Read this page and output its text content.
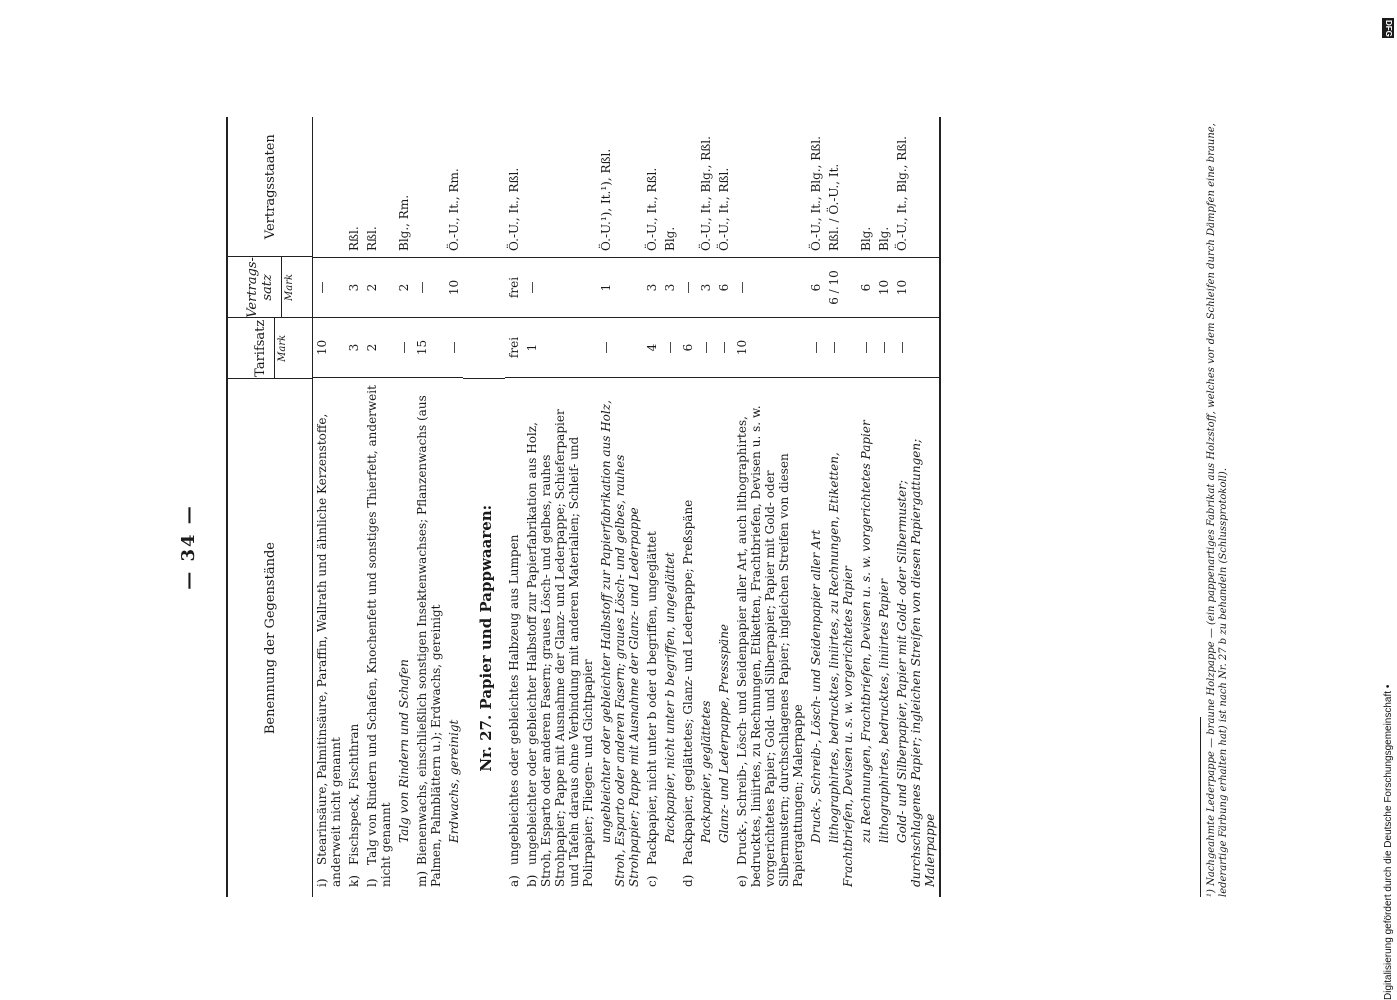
DFG
Digitalisierung gefördert durch die Deutsche Forschungsgemeinschaft •
— 34 —	Benennung der Gegenstände
Tarifsatz Mark
Vertrags-satz Mark
Vertragsstaaten
i)Stearinsäure, Palmitinsäure, Paraffin, Wallrath und ähnliche Kerzenstoffe, anderweit nicht genannt
10
—
k)Fischspeck, Fischthran
3
3
Rßl.
l)Talg von Rindern und Schafen, Knochenfett und sonstiges Thierfett, anderweit nicht genannt
2
2
Rßl.
Talg von Rindern und Schafen
—
2
Blg., Rm.
m)Bienenwachs, einschließlich sonstigen Insektenwachses; Pflanzenwachs (aus Palmen, Palmblättern u.); Erdwachs, gereinigt
15
—
Erdwachs, gereinigt
—
10
Ö.-U., It., Rm.
Nr. 27. Papier und Pappwaaren:
a)ungebleichtes oder gebleichtes Halbzeug aus Lumpen
frei
frei
Ö.-U., It., Rßl.
b)ungebleichter oder gebleichter Halbstoff zur Papierfabrikation aus Holz, Stroh, Esparto oder anderen Fasern; graues Lösch- und gelbes, rauhes Strohpapier; Pappe mit Ausnahme der Glanz- und Lederpappe; Schieferpapier und Tafeln daraus ohne Verbindung mit anderen Materialien; Schleif- und Polirpapier; Fliegen- und Gichtpapier
1
—
ungebleichter oder gebleichter Halbstoff zur Papierfabrikation aus Holz, Stroh, Esparto oder anderen Fasern; graues Lösch- und gelbes, rauhes Strohpapier; Pappe mit Ausnahme der Glanz- und Lederpappe
—
1
Ö.-U.¹), It.¹), Rßl.
c)Packpapier, nicht unter b oder d begriffen, ungeglättet
4
3
Ö.-U., It., Rßl.
Packpapier, nicht unter b begriffen, ungeglättet
—
3
Blg.
d)Packpapier, geglättetes; Glanz- und Lederpappe; Preßspäne
6
—
Packpapier, geglättetes
—
3
Ö.-U., It., Blg., Rßl.
Glanz- und Lederpappe, Pressspäne
—
6
Ö.-U., It., Rßl.
e)Druck-, Schreib-, Lösch- und Seidenpapier aller Art, auch lithographirtes, bedrucktes, liniirtes, zu Rechnungen, Etiketten, Frachtbriefen, Devisen u. s. w. vorgerichtetes Papier; Gold- und Silberpapier; Papier mit Gold- oder Silbermustern; durchschlagenes Papier; ingleichen Streifen von diesen Papiergattungen; Malerpappe
10
—
Druck-, Schreib-, Lösch- und Seidenpapier aller Art
—
6
Ö.-U., It., Blg., Rßl.
lithographirtes, bedrucktes, liniirtes, zu Rechnungen, Etiketten, Frachtbriefen, Devisen u. s. w. vorgerichtetes Papier
—
6 / 10
Rßl. / Ö.-U., It.
zu Rechnungen, Frachtbriefen, Devisen u. s. w. vorgerichtetes Papier
—
6
Blg.
lithographirtes, bedrucktes, liniirtes Papier
—
10
Blg.
Gold- und Silberpapier, Papier mit Gold- oder Silbermuster; durchschlagenes Papier; ingleichen Streifen von diesen Papiergattungen; Malerpappe
—
10
Ö.-U., It., Blg., Rßl.	¹) Nachgeahmte Lederpappe — braune Holzpappe — (ein pappenartiges Fabrikat aus Holzstoff, welches vor dem Schleifen durch Dämpfen eine braune, lederartige Färbung erhalten hat) ist nach Nr. 27 b zu behandeln (Schlussprotokoll).
